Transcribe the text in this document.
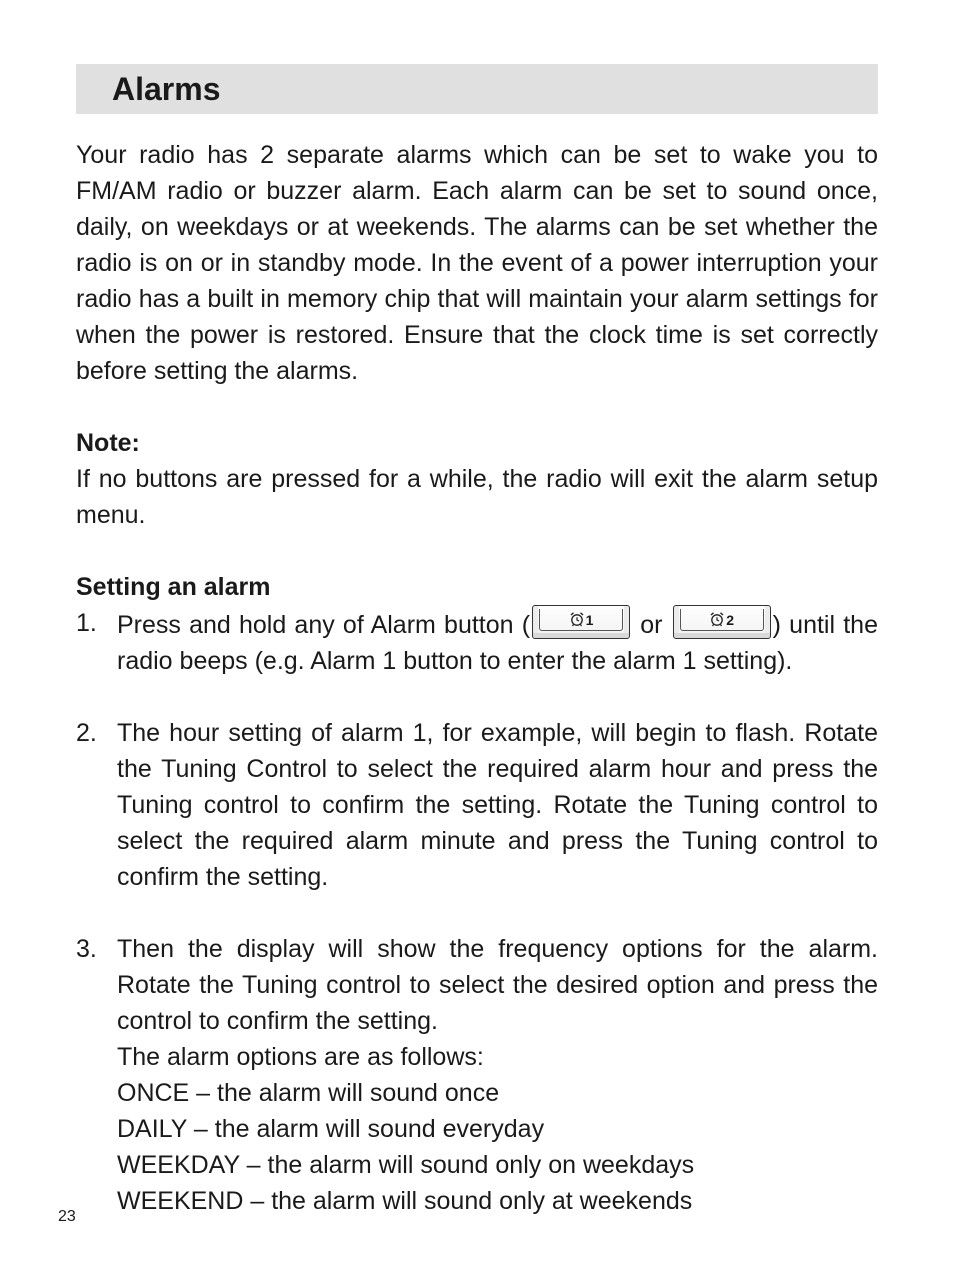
Alarms

Your radio has 2 separate alarms which can be set to wake you to FM/AM radio or buzzer alarm. Each alarm can be set to sound once, daily, on weekdays or at weekends. The alarms can be set whether the radio is on or in standby mode. In the event of a power interruption your radio has a built in memory chip that will maintain your alarm settings for when the power is restored. Ensure that the clock time is set correctly before setting the alarms.

Note:

If no buttons are pressed for a while, the radio will exit the alarm setup menu.

Setting an alarm

1. Press and hold any of Alarm button (	1 or	2 ) until the radio beeps (e.g. Alarm 1 button to enter the alarm 1 setting).

2. The hour setting of alarm 1, for example, will begin to flash. Rotate the Tuning Control to select the required alarm hour and press the Tuning control to confirm the setting. Rotate the Tuning control to select the required alarm minute and press the Tuning control to confirm the setting.

3. Then the display will show the frequency options for the alarm. Rotate the Tuning control to select the desired option and press the control to confirm the setting.

The alarm options are as follows:

ONCE – the alarm will sound once

DAILY – the alarm will sound everyday

WEEKDAY – the alarm will sound only on weekdays

WEEKEND – the alarm will sound only at weekends

23
